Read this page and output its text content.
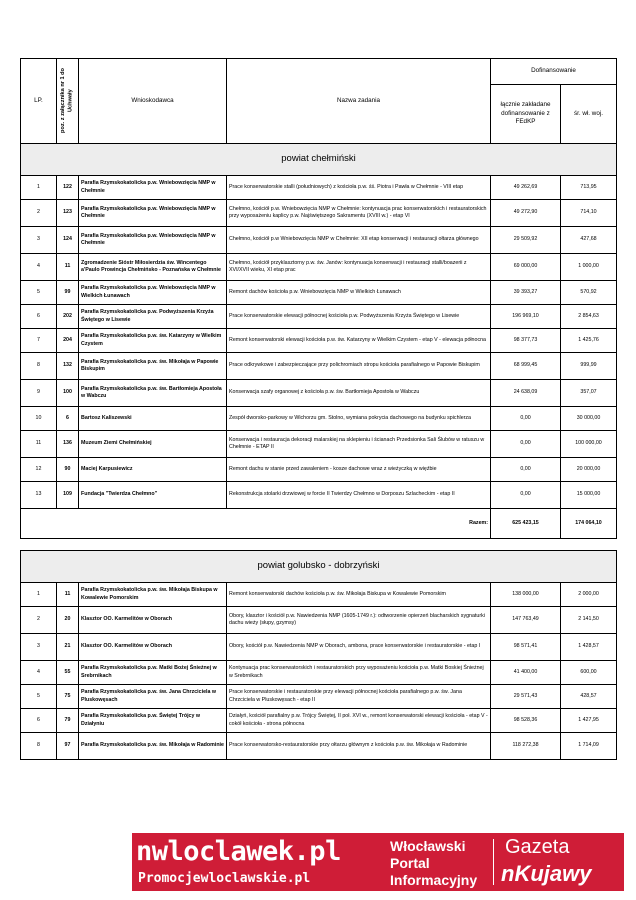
LP.	poz. z załącznika nr 1 do Uchwały	Wnioskodawca	Nazwa zadania	Dofinansowanie	
				łącznie zakładane dofinansowanie z FEdKP	śr. wł. woj.
powiat chełmiński					
1	122	Parafia Rzymskokatolicka p.w. Wniebowzięcia NMP w Chełmnie	Prace konserwatorskie stalli (południowych) z kościoła p.w. śś. Piotra i Pawła w Chełmnie - VIII etap	49 262,69	713,95
2	123	Parafia Rzymskokatolicka p.w. Wniebowzięcia NMP w Chełmnie	Chełmno, kościół p.w. Wniebowzięcia NMP w Chełmnie: kontynuacja prac konserwatorskich i restauratorskich przy wyposażeniu kaplicy p.w. Najświętszego Sakramentu (XVIII w.) - etap VI	49 272,90	714,10
3	124	Parafia Rzymskokatolicka p.w. Wniebowzięcia NMP w Chełmnie	Chełmno, kościół p.w Wniebowzięcia NMP w Chełmnie: XII etap konserwacji i restauracji ołtarza głównego	29 509,92	427,68
4	11	Zgromadzenie Sióstr Miłosierdzia św. Wincentego a'Paulo Prowincja Chełmińsko - Poznańska w Chełmnie	Chełmno, kościół przyklasztorny p.w. św. Janów: kontynuacja konserwacji i restauracji stalli/boazerii z XVI/XVII wieku, XI etap prac	69 000,00	1 000,00
5	99	Parafia Rzymskokatolicka p.w. Wniebowzięcia NMP w Wielkich Łunawach	Remont dachów kościoła p.w. Wniebowzięcia NMP w Wielkich Łunawach	39 393,27	570,92
6	202	Parafia Rzymskokatolicka p.w. Podwyższenia Krzyża Świętego w Lisewie	Prace konserwatorskie elewacji północnej kościoła p.w. Podwyższenia Krzyża Świętego w Lisewie	196 969,10	2 854,63
7	204	Parafia Rzymskokatolicka p.w. św. Katarzyny w Wielkim Czystem	Remont konserwatorski elewacji kościoła p.w. św. Katarzyny w Wielkim Czystem - etap V - elewacja północna	98 377,73	1 425,76
8	132	Parafia Rzymskokatolicka p.w. św. Mikołaja w Papowie Biskupim	Prace odkrywkowe i zabezpieczające przy polichromiach stropu kościoła parafialnego w Papowie Biskupim	68 999,45	999,99
9	100	Parafia Rzymskokatolicka p.w. św. Bartłomieja Apostoła w Wabczu	Konserwacja szafy organowej z kościoła p.w. św. Bartłomieja Apostoła w Wabczu	24 638,09	357,07
10	6	Bartosz Kaliszewski	Zespół dworsko-parkowy w Wichorzu gm. Stolno, wymiana pokrycia dachowego na budynku spichlerza	0,00	30 000,00
11	136	Muzeum Ziemi Chełmińskiej	Konserwacja i restauracja dekoracji malarskiej na sklepieniu i ścianach Przedsionka Sali Ślubów w ratuszu w Chełmnie - ETAP II	0,00	100 000,00
12	90	Maciej Karpusiewicz	Remont dachu w stanie przed zawaleniem - kosze dachowe wraz z wieżyczką w więźbie	0,00	20 000,00
13	109	Fundacja "Twierdza Chełmno"	Rekonstrukcja stolarki drzwiowej w forcie II Twierdzy Chełmno w Dorposzu Szlacheckim - etap II	0,00	15 000,00
Razem:				625 423,15	174 064,10

powiat golubsko - dobrzyński					
1	11	Parafia Rzymskokatolicka p.w. św. Mikołaja Biskupa w Kowalewie Pomorskim	Remont konserwatorski dachów kościoła p.w. św. Mikołaja Biskupa w Kowalewie Pomorskim	138 000,00	2 000,00
2	20	Klasztor OO. Karmelitów w Oborach	Obory, klasztor i kościół p.w. Nawiedzenia NMP (1605-1749 r.): odtworzenie opierzeń blacharskich sygnaturki dachu wieży (słupy, gzymsy)	147 763,49	2 141,50
3	21	Klasztor OO. Karmelitów w Oborach	Obory, kościół p.w. Nawiedzenia NMP w Oborach, ambona, prace konserwatorskie i restauratorskie - etap I	98 571,41	1 428,57
4	55	Parafia Rzymskokatolicka p.w. Matki Bożej Śnieżnej w Srebrnikach	Kontynuacja prac konserwatorskich i restauratorskich przy wyposażeniu kościoła p.w. Matki Boskiej Śnieżnej w Srebrnikach	41 400,00	600,00
5	75	Parafia Rzymskokatolicka p.w. św. Jana Chrzciciela w Pluskowęsach	Prace konserwatorskie i restauratorskie przy elewacji północnej kościoła parafialnego p.w. św. Jana Chrzciciela w Pluskowęsach - etap II	29 571,43	428,57
6	79	Parafia Rzymskokatolicka p.w. Świętej Trójcy w Działyniu	Działyń, kościół parafialny p.w. Trójcy Świętej, II poł. XVI w., remont konserwatorski elewacji kościoła - etap V - cokół kościoła - strona północna	98 528,36	1 427,95
8	97	Parafia Rzymskokatolicka p.w. św. Mikołaja w Radominie	Prace konserwatorsko-restauratorskie przy ołtarzu głównym z kościoła p.w. św. Mikołaja w Radominie	118 272,38	1 714,09
nwloclawek.pl
Promocjewloclawskie.pl
Włocławski
Portal
Informacyjny
Gazeta
nKujawy
